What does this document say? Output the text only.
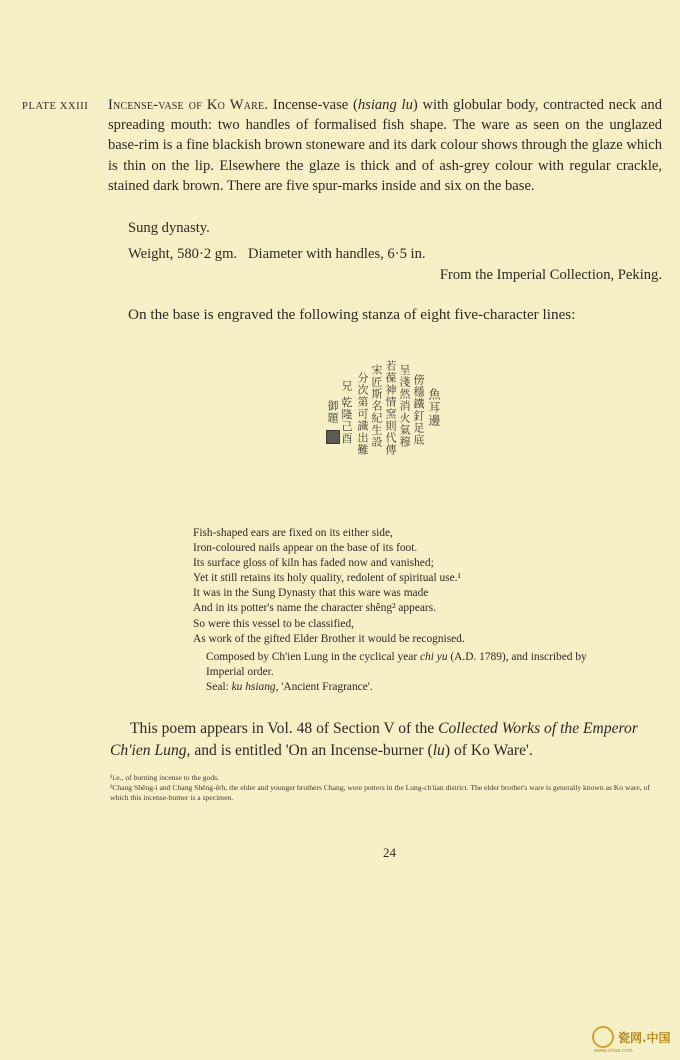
PLATE XXIII Incense-vase of Ko Ware. Incense-vase (hsiang lu) with globular body, contracted neck and spreading mouth: two handles of formalised fish shape. The ware as seen on the unglazed base-rim is a fine blackish brown stoneware and its dark colour shows through the glaze which is thin on the lip. Elsewhere the glaze is thick and of ash-grey colour with regular crackle, stained dark brown. There are five spur-marks inside and six on the base.

Sung dynasty.
Weight, 580·2 gm.   Diameter with handles, 6·5 in.
From the Imperial Collection, Peking.
On the base is engraved the following stanza of eight five-character lines:
魚耳邊
傍穩鐵釘足底
呈淺然消火氣穆
若葆神情窯則代傳
宋匠斯名紀生設
分次第可識出難
兄 乾隆己酉
御題
Fish-shaped ears are fixed on its either side,
Iron-coloured nails appear on the base of its foot.
Its surface gloss of kiln has faded now and vanished;
Yet it still retains its holy quality, redolent of spiritual use.¹
It was in the Sung Dynasty that this ware was made
And in its potter's name the character shêng² appears.
So were this vessel to be classified,
As work of the gifted Elder Brother it would be recognised.
Composed by Ch'ien Lung in the cyclical year chi yu (A.D. 1789), and inscribed by Imperial order.
Seal: ku hsiang, 'Ancient Fragrance'.
This poem appears in Vol. 48 of Section V of the Collected Works of the Emperor Ch'ien Lung, and is entitled 'On an Incense-burner (lu) of Ko Ware'.

¹i.e., of burning incense to the gods.

²Chang Shêng-i and Chang Shêng-êrh, the elder and younger brothers Chang, were potters in the Lung-ch'üan district. The elder brother's ware is generally known as Ko ware, of which this incense-burner is a specimen.

24
瓷网.中国
www.cinaz.com
